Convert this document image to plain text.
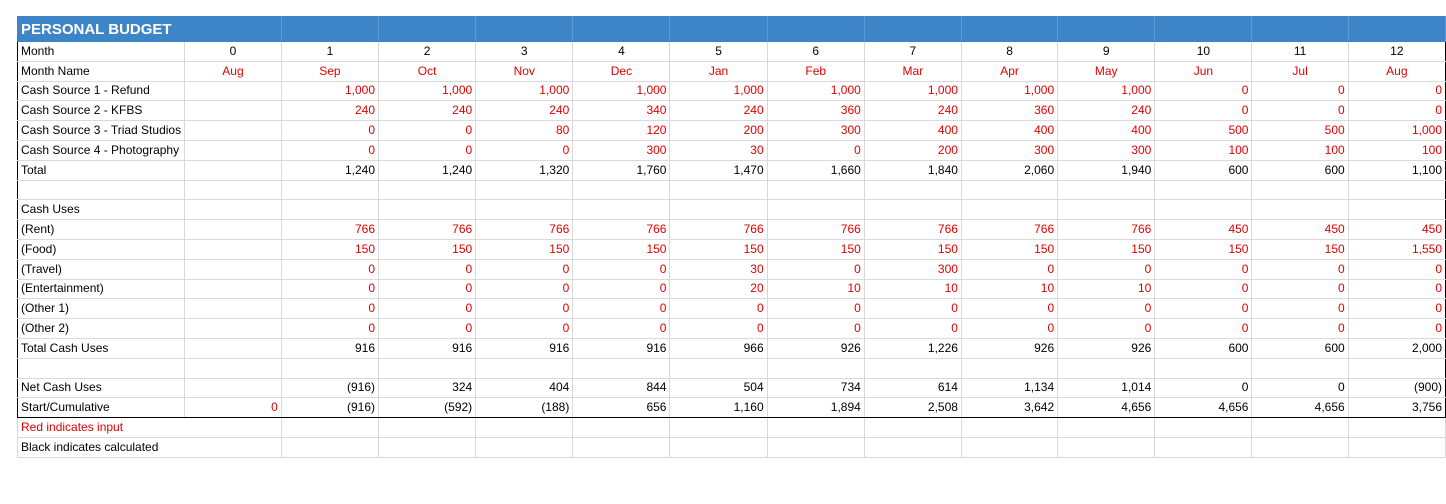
PERSONAL BUDGET													
Month	0	1	2	3	4	5	6	7	8	9	10	11	12
Month Name	Aug	Sep	Oct	Nov	Dec	Jan	Feb	Mar	Apr	May	Jun	Jul	Aug
Cash Source 1 - Refund		1,000	1,000	1,000	1,000	1,000	1,000	1,000	1,000	1,000	0	0	0
Cash Source 2 - KFBS		240	240	240	340	240	360	240	360	240	0	0	0
Cash Source 3 - Triad Studios		0	0	80	120	200	300	400	400	400	500	500	1,000
Cash Source 4 - Photography		0	0	0	300	30	0	200	300	300	100	100	100
Total		1,240	1,240	1,320	1,760	1,470	1,660	1,840	2,060	1,940	600	600	1,100

Cash Uses													
(Rent)		766	766	766	766	766	766	766	766	766	450	450	450
(Food)		150	150	150	150	150	150	150	150	150	150	150	1,550
(Travel)		0	0	0	0	30	0	300	0	0	0	0	0
(Entertainment)		0	0	0	0	20	10	10	10	10	0	0	0
(Other 1)		0	0	0	0	0	0	0	0	0	0	0	0
(Other 2)		0	0	0	0	0	0	0	0	0	0	0	0
Total Cash Uses		916	916	916	916	966	926	1,226	926	926	600	600	2,000

Net Cash Uses		(916)	324	404	844	504	734	614	1,134	1,014	0	0	(900)
Start/Cumulative	0	(916)	(592)	(188)	656	1,160	1,894	2,508	3,642	4,656	4,656	4,656	3,756
Red indicates input													
Black indicates calculated													
